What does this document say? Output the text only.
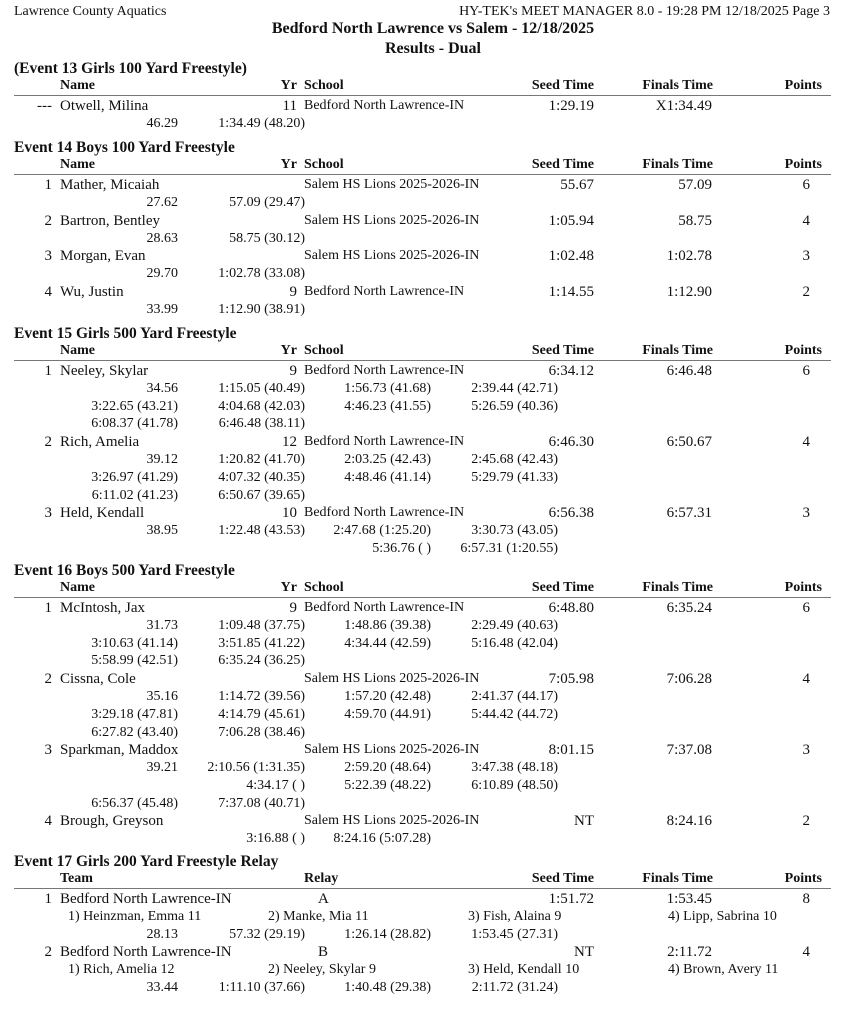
Lawrence County Aquatics	HY-TEK's MEET MANAGER 8.0 - 19:28 PM 12/18/2025 Page 3
Bedford North Lawrence vs Salem - 12/18/2025
Results - Dual
(Event 13 Girls 100 Yard Freestyle)
Name	Yr School	Seed Time	Finals Time	Points
--- Otwell, Milina	11 Bedford North Lawrence-IN	1:29.19	X1:34.49
46.29	1:34.49 (48.20)
Event 14 Boys 100 Yard Freestyle
Name	Yr School	Seed Time	Finals Time	Points
1 Mather, Micaiah	Salem HS Lions 2025-2026-IN	55.67	57.09	6
27.62	57.09 (29.47)
2 Bartron, Bentley	Salem HS Lions 2025-2026-IN	1:05.94	58.75	4
28.63	58.75 (30.12)
3 Morgan, Evan	Salem HS Lions 2025-2026-IN	1:02.48	1:02.78	3
29.70	1:02.78 (33.08)
4 Wu, Justin	9 Bedford North Lawrence-IN	1:14.55	1:12.90	2
33.99	1:12.90 (38.91)
Event 15 Girls 500 Yard Freestyle
Name	Yr School	Seed Time	Finals Time	Points
1 Neeley, Skylar	9 Bedford North Lawrence-IN	6:34.12	6:46.48	6
34.56	1:15.05 (40.49)	1:56.73 (41.68)	2:39.44 (42.71)
3:22.65 (43.21)	4:04.68 (42.03)	4:46.23 (41.55)	5:26.59 (40.36)
6:08.37 (41.78)	6:46.48 (38.11)
2 Rich, Amelia	12 Bedford North Lawrence-IN	6:46.30	6:50.67	4
39.12	1:20.82 (41.70)	2:03.25 (42.43)	2:45.68 (42.43)
3:26.97 (41.29)	4:07.32 (40.35)	4:48.46 (41.14)	5:29.79 (41.33)
6:11.02 (41.23)	6:50.67 (39.65)
3 Held, Kendall	10 Bedford North Lawrence-IN	6:56.38	6:57.31	3
38.95	1:22.48 (43.53) 2:47.68 (1:25.20)	3:30.73 (43.05)
5:36.76 ( ) 6:57.31 (1:20.55)
Event 16 Boys 500 Yard Freestyle
Name	Yr School	Seed Time	Finals Time	Points
1 McIntosh, Jax	9 Bedford North Lawrence-IN	6:48.80	6:35.24	6
31.73	1:09.48 (37.75)	1:48.86 (39.38)	2:29.49 (40.63)
3:10.63 (41.14)	3:51.85 (41.22)	4:34.44 (42.59)	5:16.48 (42.04)
5:58.99 (42.51)	6:35.24 (36.25)
2 Cissna, Cole	Salem HS Lions 2025-2026-IN	7:05.98	7:06.28	4
35.16	1:14.72 (39.56)	1:57.20 (42.48)	2:41.37 (44.17)
3:29.18 (47.81)	4:14.79 (45.61)	4:59.70 (44.91)	5:44.42 (44.72)
6:27.82 (43.40)	7:06.28 (38.46)
3 Sparkman, Maddox	Salem HS Lions 2025-2026-IN	8:01.15	7:37.08	3
39.21 2:10.56 (1:31.35)	2:59.20 (48.64)	3:47.38 (48.18)
4:34.17 ( )	5:22.39 (48.22)	6:10.89 (48.50)
6:56.37 (45.48)	7:37.08 (40.71)
4 Brough, Greyson	Salem HS Lions 2025-2026-IN	NT	8:24.16	2
3:16.88 ( ) 8:24.16 (5:07.28)
Event 17 Girls 200 Yard Freestyle Relay
Team	Relay	Seed Time	Finals Time	Points
1 Bedford North Lawrence-IN	A	1:51.72	1:53.45	8
1) Heinzman, Emma 11	2) Manke, Mia 11	3) Fish, Alaina 9	4) Lipp, Sabrina 10
28.13	57.32 (29.19)	1:26.14 (28.82)	1:53.45 (27.31)
2 Bedford North Lawrence-IN	B	NT	2:11.72	4
1) Rich, Amelia 12	2) Neeley, Skylar 9	3) Held, Kendall 10	4) Brown, Avery 11
33.44	1:11.10 (37.66)	1:40.48 (29.38)	2:11.72 (31.24)
